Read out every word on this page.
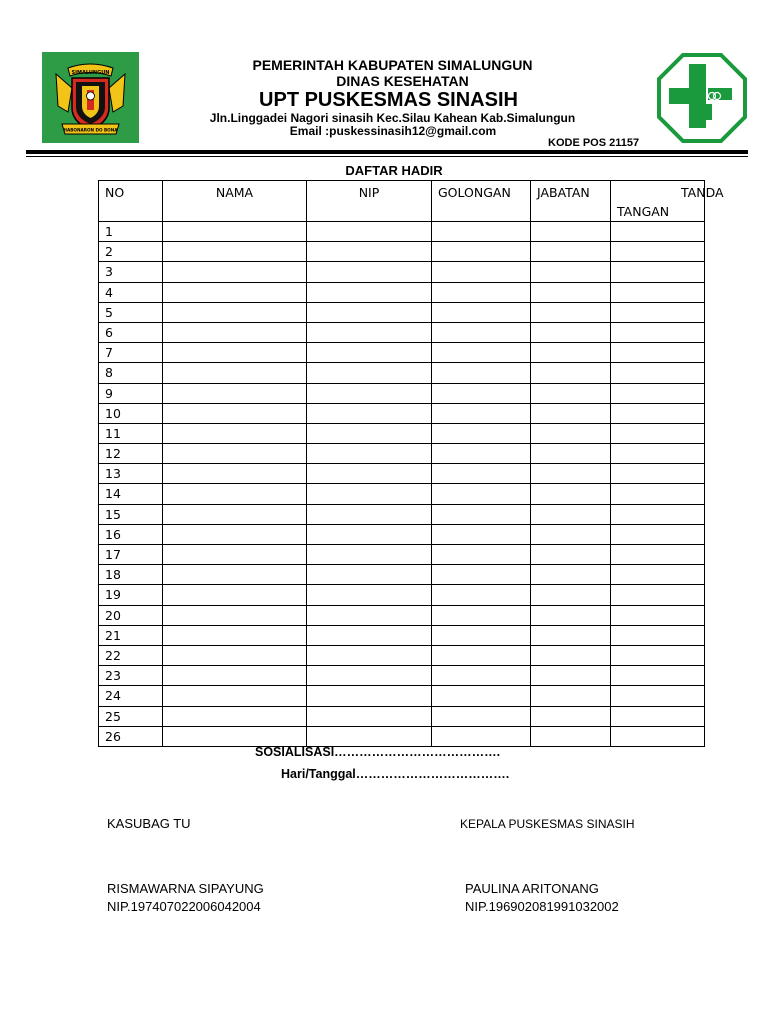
SIMALUNGUN
HABONARON DO BONA
PEMERINTAH KABUPATEN SIMALUNGUN
DINAS KESEHATAN
UPT PUSKESMAS SINASIH
Jln.Linggadei Nagori sinasih Kec.Silau Kahean Kab.Simalungun
Email :puskessinasih12@gmail.com
KODE POS 21157
DAFTAR HADIR
NO	NAMA	NIP	GOLONGAN	JABATAN	TANDA
TANGAN

1					
2					
3					
4					
5					
6					
7					
8					
9					
10					
11					
12					
13					
14					
15					
16					
17					
18					
19					
20					
21					
22					
23					
24					
25					
26					
SOSIALISASI………………………………….
Hari/Tanggal……………………………….
KASUBAG TU	KEPALA PUSKESMAS SINASIH
RISMAWARNA SIPAYUNG
NIP.197407022006042004
PAULINA ARITONANG
NIP.196902081991032002
